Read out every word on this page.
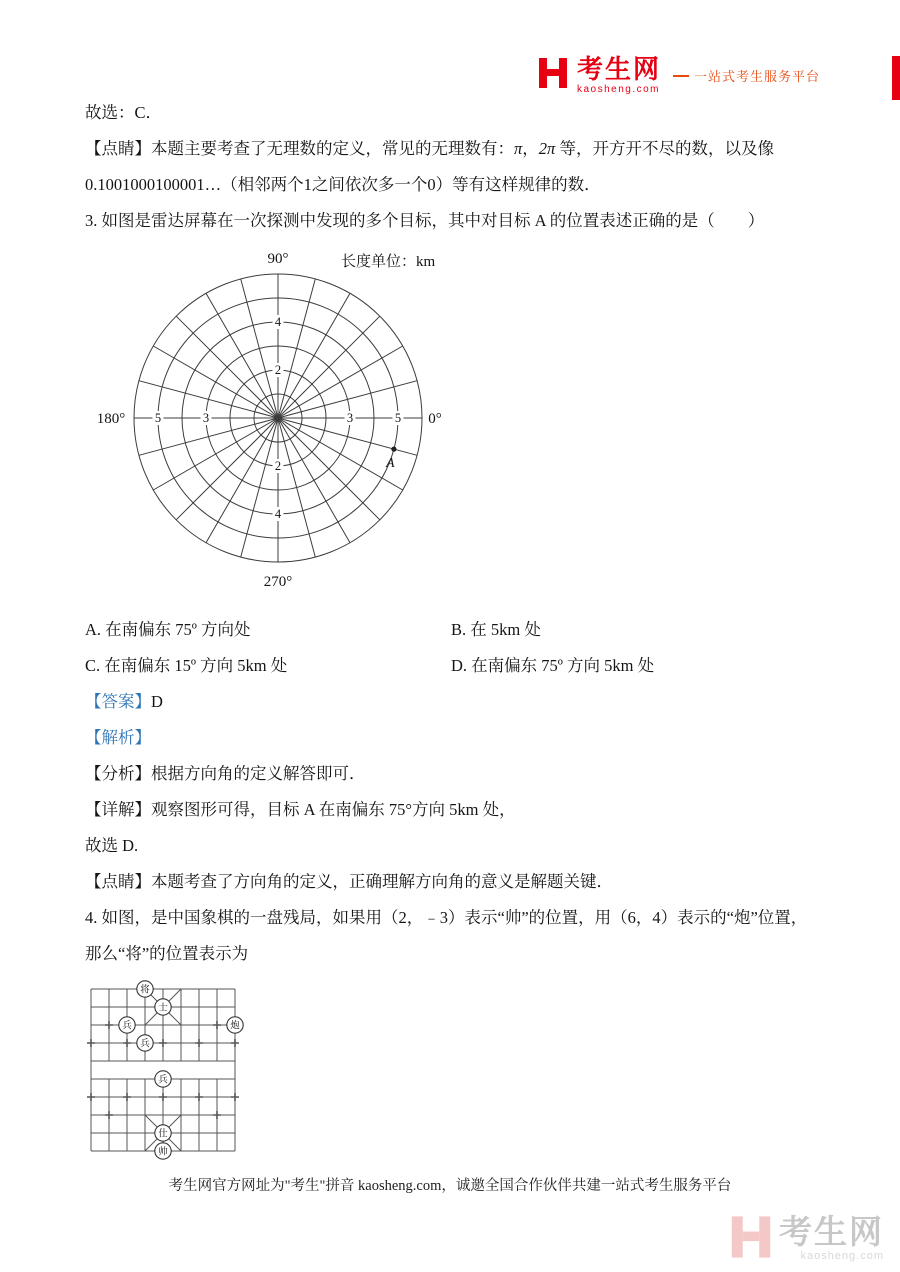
考生网
kaosheng.com
一站式考生服务平台

故选：C．

【点睛】本题主要考查了无理数的定义，常见的无理数有：π，2π 等，开方开不尽的数，以及像

0.1001000100001…（相邻两个1之间依次多一个0）等有这样规律的数．

3. 如图是雷达屏幕在一次探测中发现的多个目标，其中对目标 A 的位置表述正确的是（　　）

4
2
2
4
5	3	3	5
90°
270°
180°	0°
长度单位：km
A
A. 在南偏东 75º 方向处	B. 在 5km 处
C. 在南偏东 15º 方向 5km 处	D. 在南偏东 75º 方向 5km 处

【答案】D

【解析】

【分析】根据方向角的定义解答即可．

【详解】观察图形可得，目标 A 在南偏东 75°方向 5km 处，

故选 D.

【点睛】本题考查了方向角的定义，正确理解方向角的意义是解题关键．

4. 如图，是中国象棋的一盘残局，如果用（2，﹣3）表示“帅”的位置，用（6，4）表示的“炮”位置，

那么“将”的位置表示为

将
士
兵	炮
兵
兵
仕
帅
考生网官方网址为"考生"拼音 kaosheng.com，诚邀全国合作伙伴共建一站式考生服务平台
考生网
kaosheng.com
